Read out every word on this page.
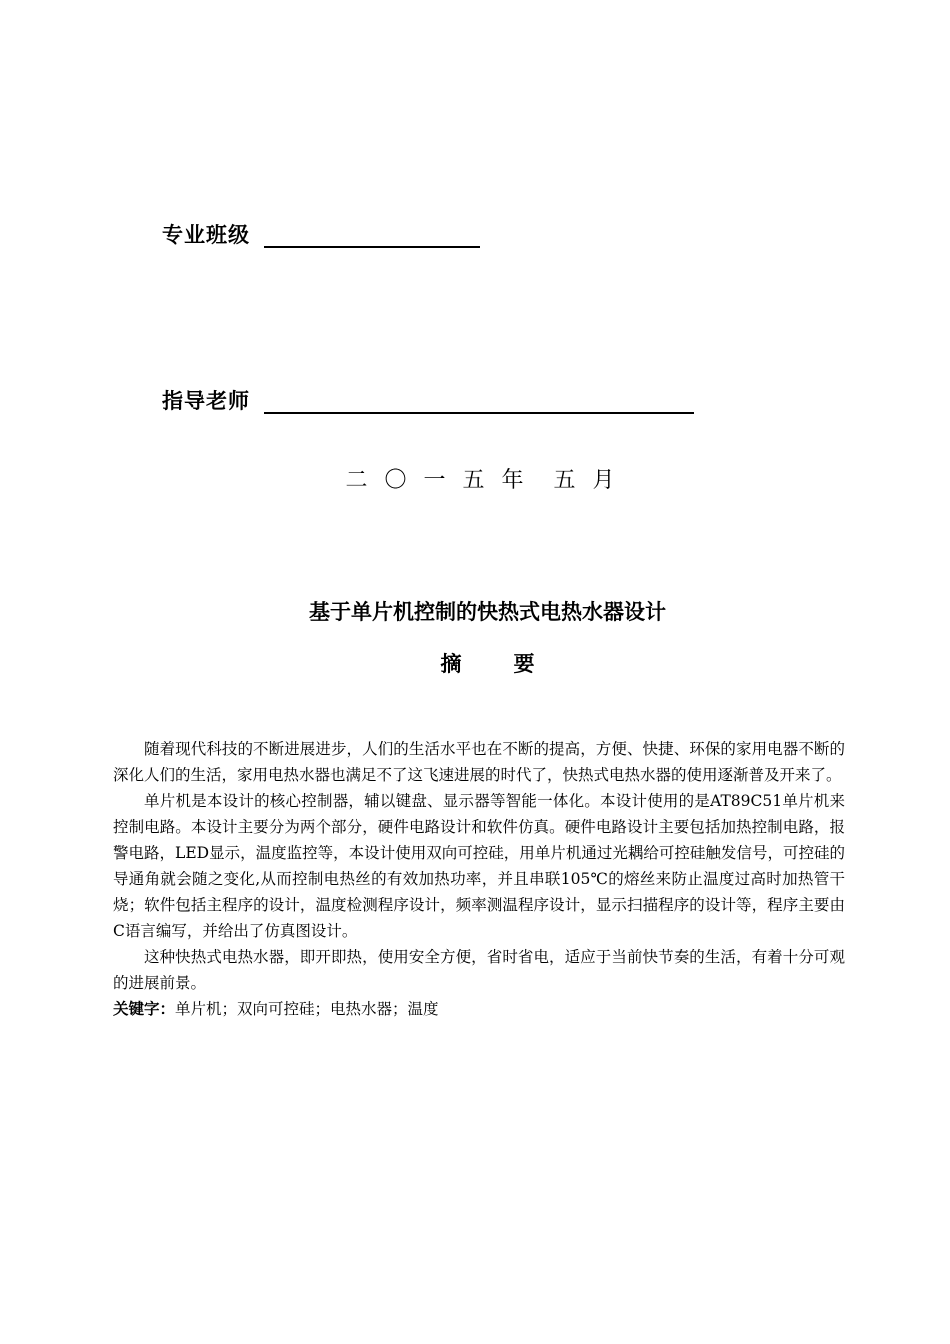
专业班级
指导老师
二 〇 一 五 年 五 月
基于单片机控制的快热式电热水器设计
摘 要

随着现代科技的不断进展进步，人们的生活水平也在不断的提高，方便、快捷、环保的家用电器不断的深化人们的生活，家用电热水器也满足不了这飞速进展的时代了，快热式电热水器的使用逐渐普及开来了。

单片机是本设计的核心控制器，辅以键盘、显示器等智能一体化。本设计使用的是AT89C51单片机来控制电路。本设计主要分为两个部分，硬件电路设计和软件仿真。硬件电路设计主要包括加热控制电路，报警电路，LED显示，温度监控等，本设计使用双向可控硅，用单片机通过光耦给可控硅触发信号，可控硅的导通角就会随之变化,从而控制电热丝的有效加热功率，并且串联105℃的熔丝来防止温度过高时加热管干烧；软件包括主程序的设计，温度检测程序设计，频率测温程序设计，显示扫描程序的设计等，程序主要由C语言编写，并给出了仿真图设计。

这种快热式电热水器，即开即热，使用安全方便，省时省电，适应于当前快节奏的生活，有着十分可观的进展前景。

关键字：单片机；双向可控硅；电热水器；温度
